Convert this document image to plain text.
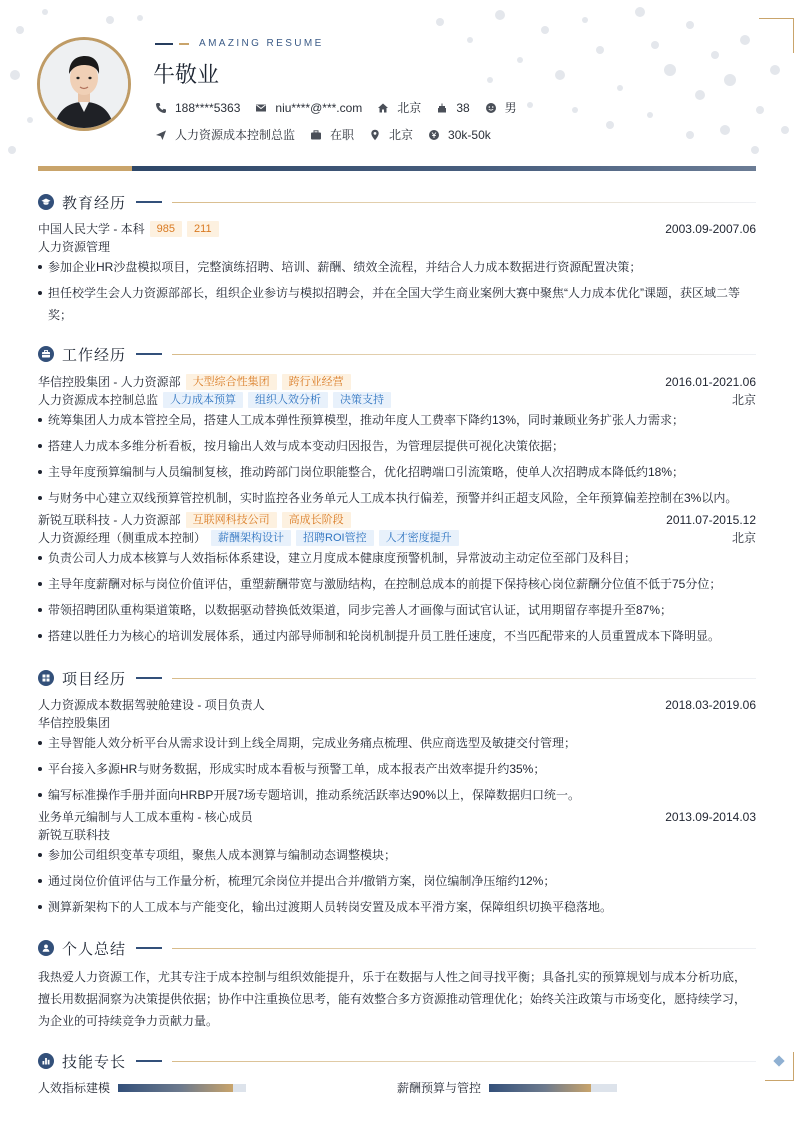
AMAZING RESUME
牛敬业
188****5363	niu****@***.com	北京	38	男
人力资源成本控制总监	在职	北京	30k-50k
教育经历
中国人民大学 - 本科	985	211	2003.09-2007.06
人力资源管理
参加企业HR沙盘模拟项目，完整演练招聘、培训、薪酬、绩效全流程，并结合人力成本数据进行资源配置决策；
担任校学生会人力资源部部长，组织企业参访与模拟招聘会，并在全国大学生商业案例大赛中聚焦“人力成本优化”课题，获区域二等奖；
工作经历
华信控股集团 - 人力资源部	大型综合性集团	跨行业经营	2016.01-2021.06
人力资源成本控制总监	人力成本预算	组织人效分析	决策支持	北京
统筹集团人力成本管控全局，搭建人工成本弹性预算模型，推动年度人工费率下降约13%，同时兼顾业务扩张人力需求；
搭建人力成本多维分析看板，按月输出人效与成本变动归因报告，为管理层提供可视化决策依据；
主导年度预算编制与人员编制复核，推动跨部门岗位职能整合，优化招聘端口引流策略，使单人次招聘成本降低约18%；
与财务中心建立双线预算管控机制，实时监控各业务单元人工成本执行偏差，预警并纠正超支风险，全年预算偏差控制在3%以内。
新锐互联科技 - 人力资源部	互联网科技公司	高成长阶段	2011.07-2015.12
人力资源经理（侧重成本控制）	薪酬架构设计	招聘ROI管控	人才密度提升	北京
负责公司人力成本核算与人效指标体系建设，建立月度成本健康度预警机制，异常波动主动定位至部门及科目；
主导年度薪酬对标与岗位价值评估，重塑薪酬带宽与激励结构，在控制总成本的前提下保持核心岗位薪酬分位值不低于75分位；
带领招聘团队重构渠道策略，以数据驱动替换低效渠道，同步完善人才画像与面试官认证，试用期留存率提升至87%；
搭建以胜任力为核心的培训发展体系，通过内部导师制和轮岗机制提升员工胜任速度，不当匹配带来的人员重置成本下降明显。
项目经历
人力资源成本数据驾驶舱建设 - 项目负责人	2018.03-2019.06
华信控股集团
主导智能人效分析平台从需求设计到上线全周期，完成业务痛点梳理、供应商选型及敏捷交付管理；
平台接入多源HR与财务数据，形成实时成本看板与预警工单，成本报表产出效率提升约35%；
编写标准操作手册并面向HRBP开展7场专题培训，推动系统活跃率达90%以上，保障数据归口统一。
业务单元编制与人工成本重构 - 核心成员	2013.09-2014.03
新锐互联科技
参加公司组织变革专项组，聚焦人成本测算与编制动态调整模块；
通过岗位价值评估与工作量分析，梳理冗余岗位并提出合并/撤销方案，岗位编制净压缩约12%；
测算新架构下的人工成本与产能变化，输出过渡期人员转岗安置及成本平滑方案，保障组织切换平稳落地。
个人总结
我热爱人力资源工作，尤其专注于成本控制与组织效能提升，乐于在数据与人性之间寻找平衡；具备扎实的预算规划与成本分析功底，擅长用数据洞察为决策提供依据；协作中注重换位思考，能有效整合多方资源推动管理优化；始终关注政策与市场变化，愿持续学习，为企业的可持续竞争力贡献力量。
技能专长
人效指标建模	薪酬预算与管控
